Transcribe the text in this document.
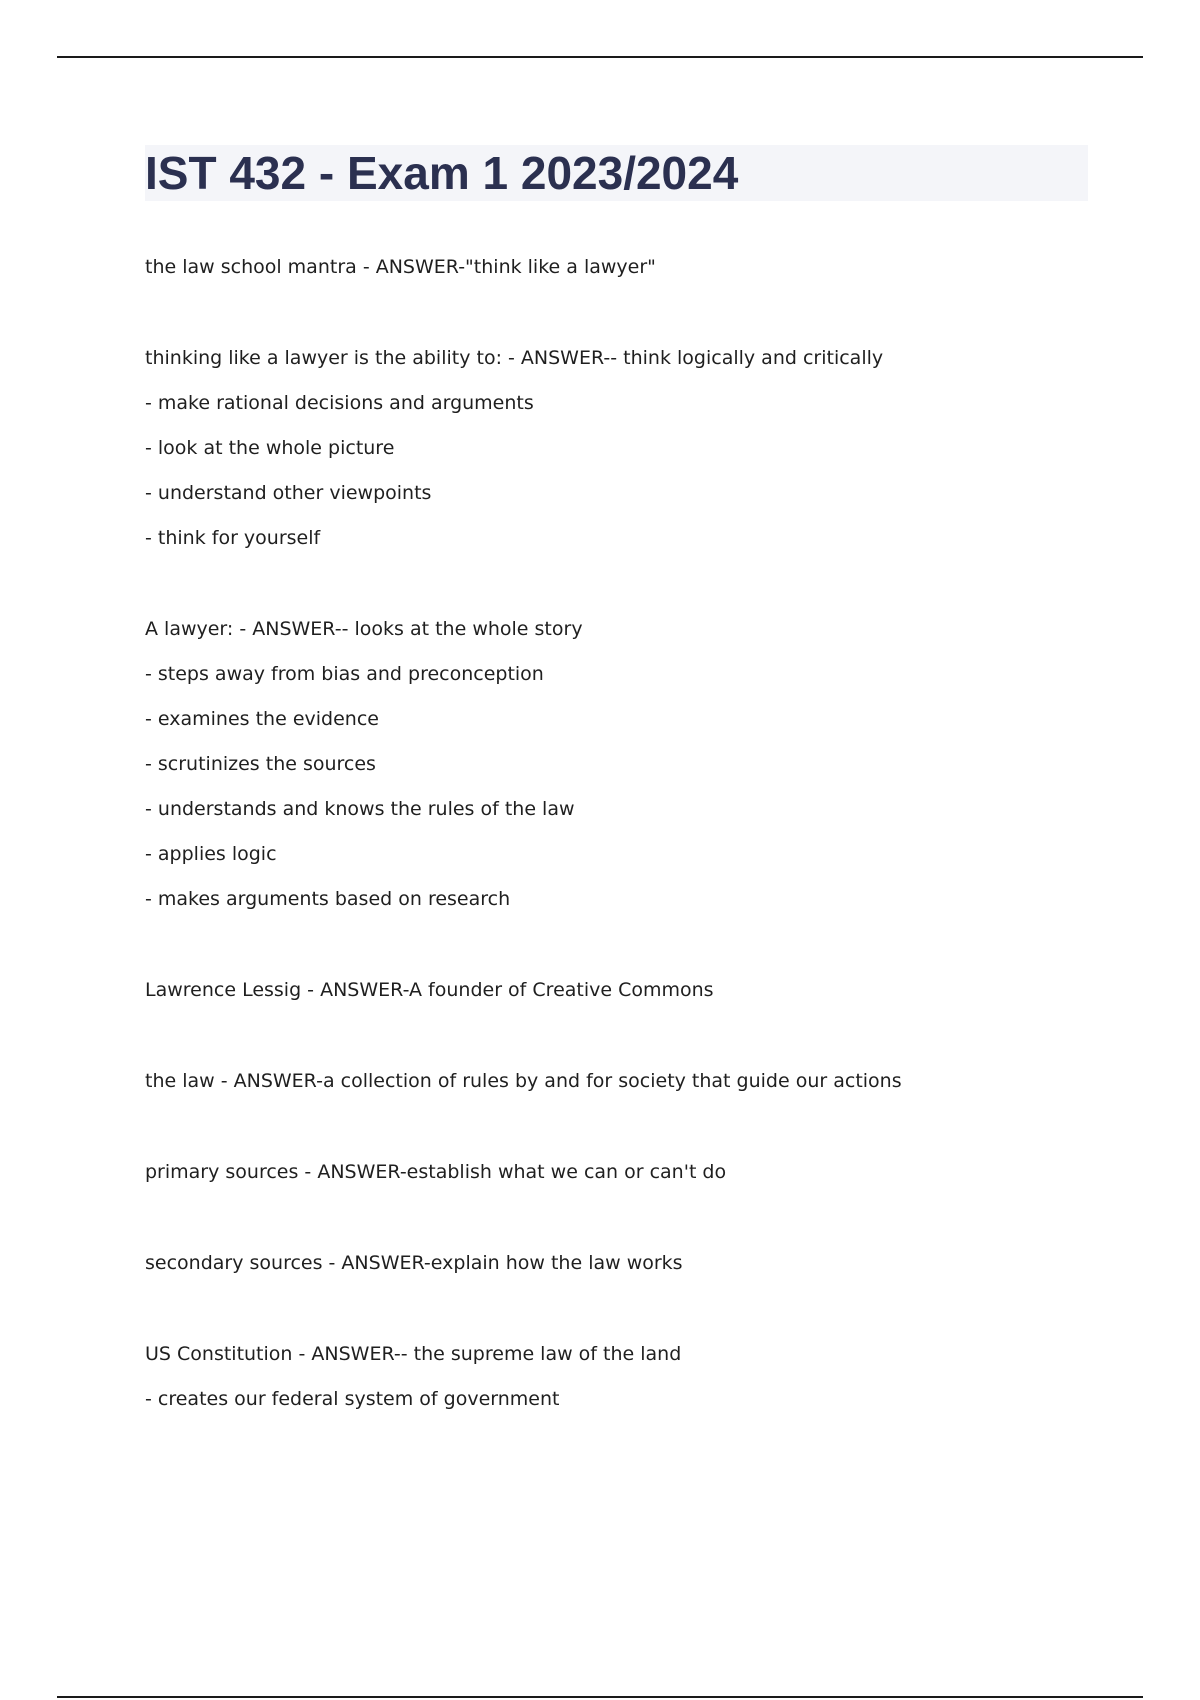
IST 432 - Exam 1 2023/2024

the law school mantra - ANSWER-"think like a lawyer"

thinking like a lawyer is the ability to: - ANSWER-- think logically and critically

- make rational decisions and arguments

- look at the whole picture

- understand other viewpoints

- think for yourself

A lawyer: - ANSWER-- looks at the whole story

- steps away from bias and preconception

- examines the evidence

- scrutinizes the sources

- understands and knows the rules of the law

- applies logic

- makes arguments based on research

Lawrence Lessig - ANSWER-A founder of Creative Commons

the law - ANSWER-a collection of rules by and for society that guide our actions

primary sources - ANSWER-establish what we can or can't do

secondary sources - ANSWER-explain how the law works

US Constitution - ANSWER-- the supreme law of the land

- creates our federal system of government
